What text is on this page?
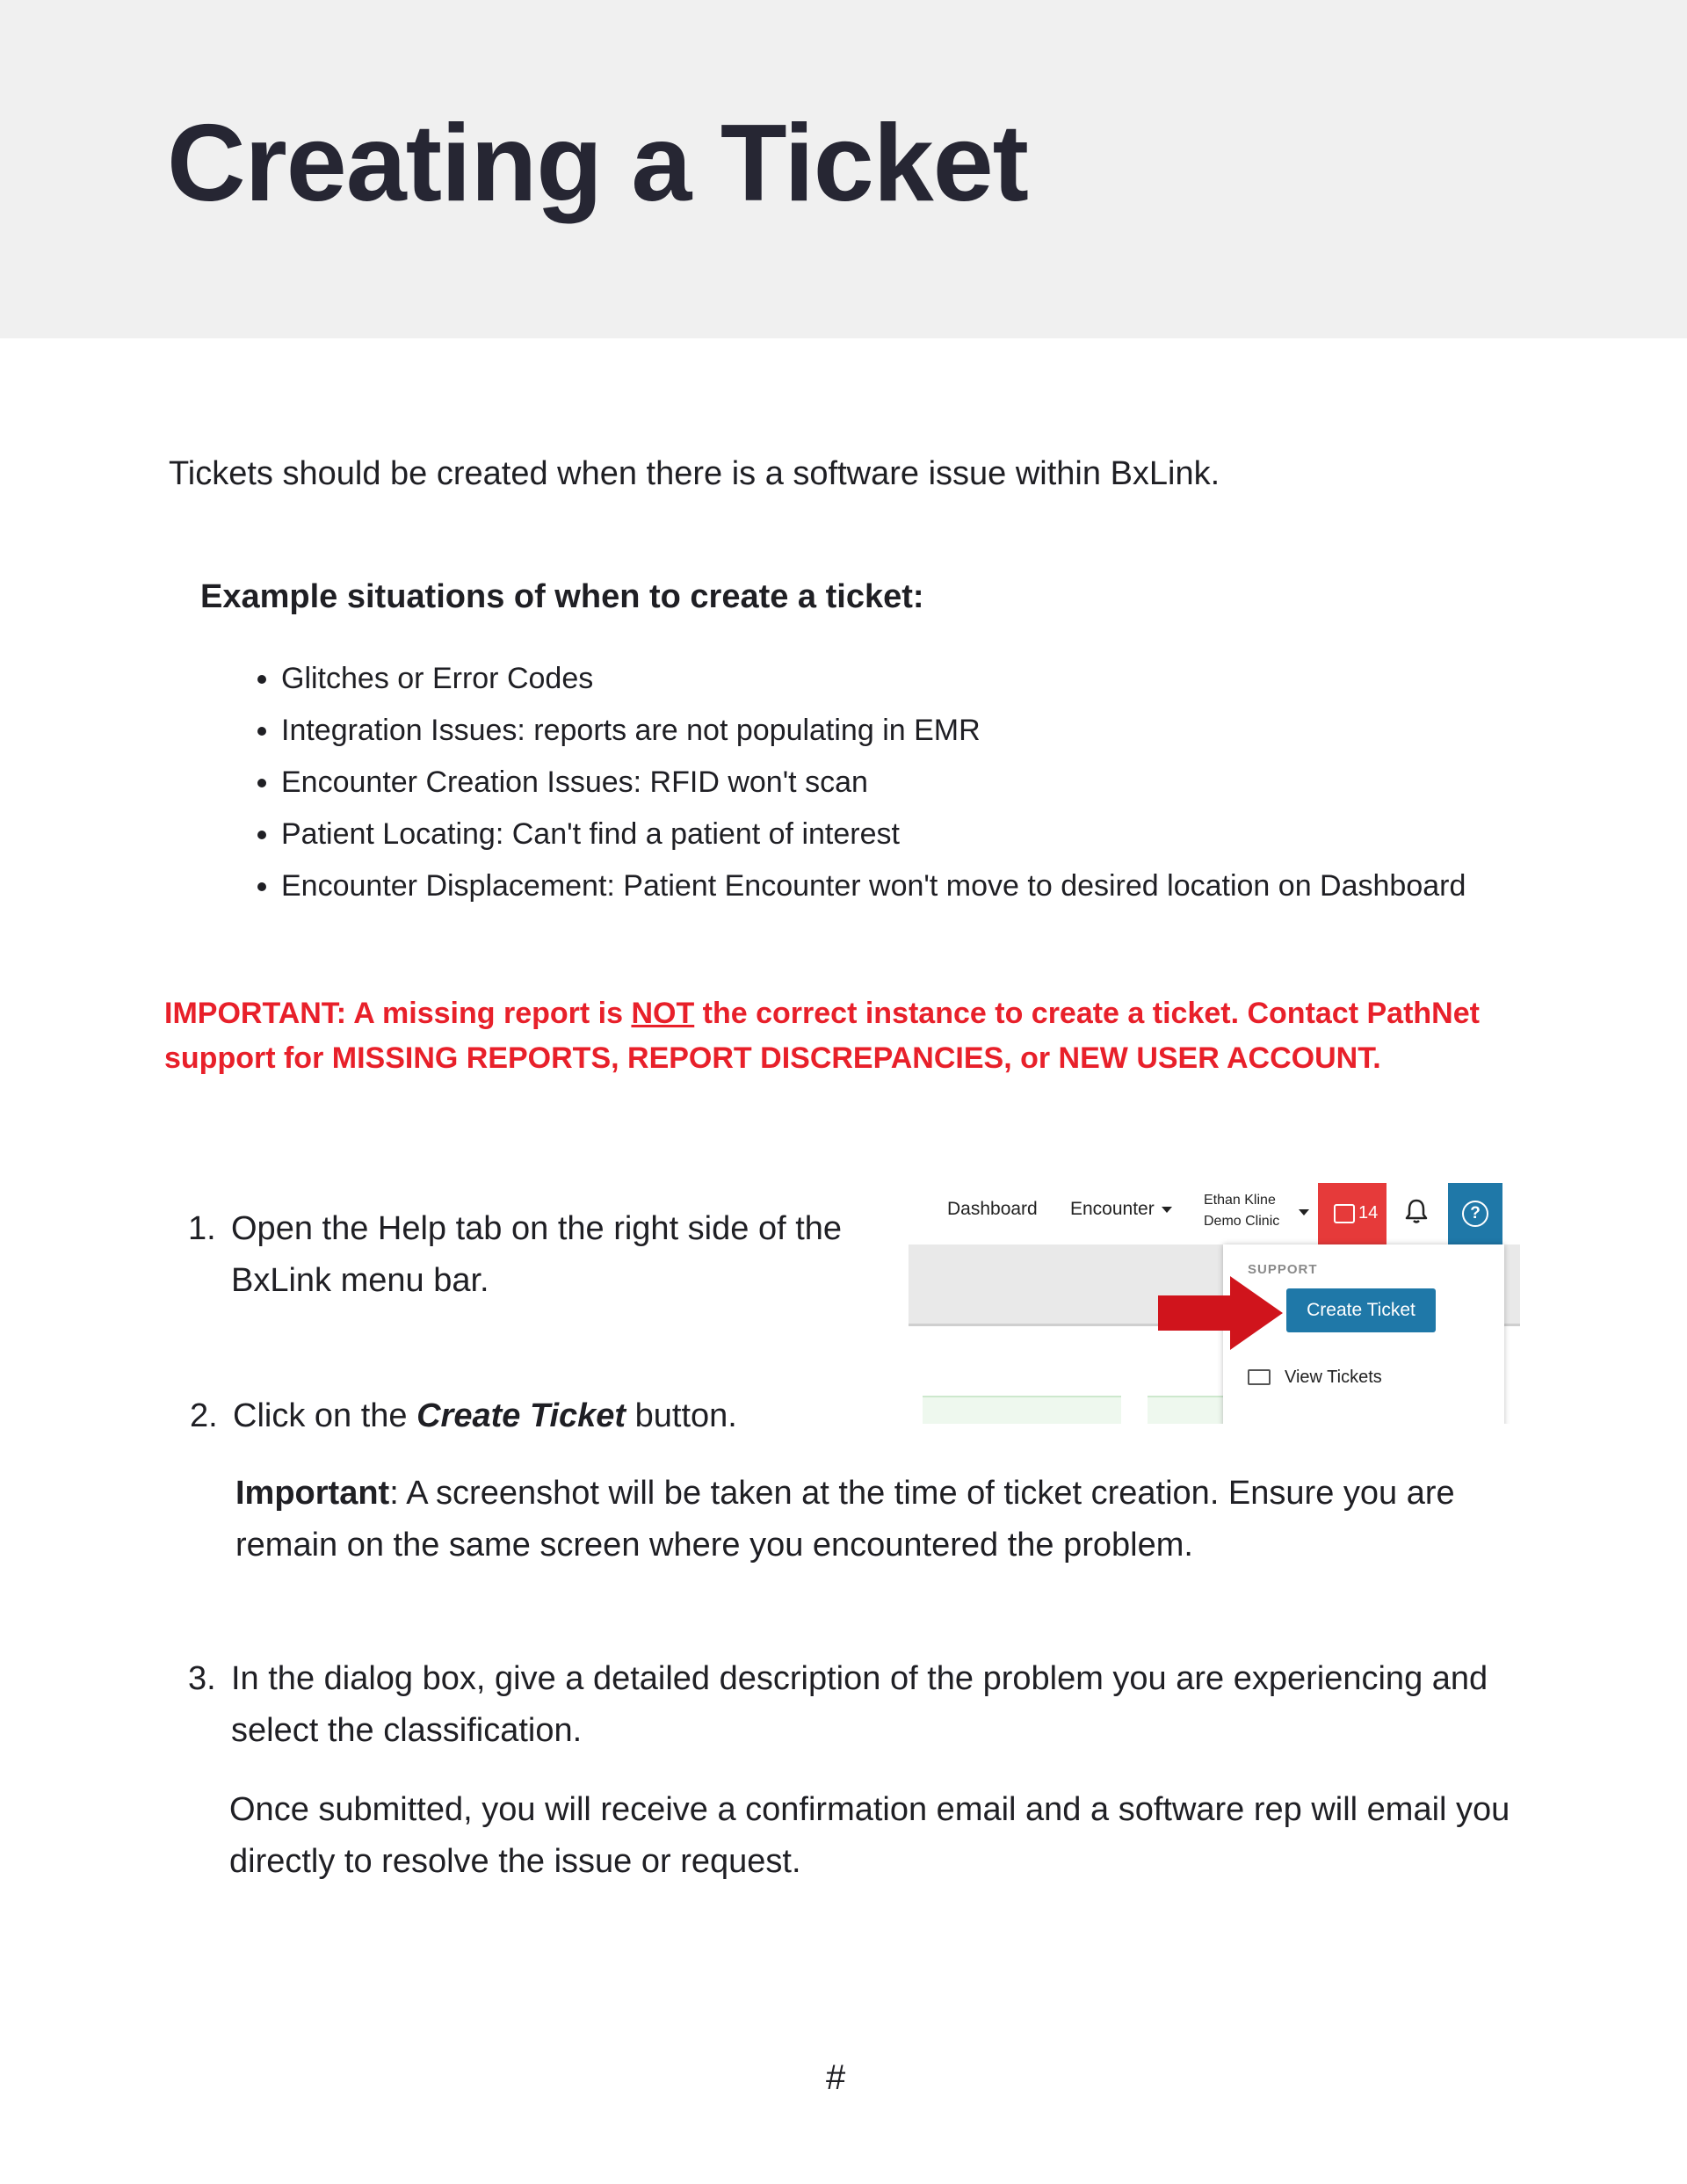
Creating a Ticket
Tickets should be created when there is a software issue within BxLink.
Example situations of when to create a ticket:
• Glitches or Error Codes
• Integration Issues: reports are not populating in EMR
• Encounter Creation Issues: RFID won't scan
• Patient Locating: Can't find a patient of interest
• Encounter Displacement: Patient Encounter won't move to desired location on Dashboard
IMPORTANT: A missing report is NOT the correct instance to create a ticket. Contact PathNet support for MISSING REPORTS, REPORT DISCREPANCIES, or NEW USER ACCOUNT.
1. Open the Help tab on the right side of the BxLink menu bar.
Dashboard Encounter	Ethan Kline
Demo Clinic	14	?
SUPPORT
Create Ticket
View Tickets
2. Click on the Create Ticket button.
Important: A screenshot will be taken at the time of ticket creation. Ensure you are remain on the same screen where you encountered the problem.
3. In the dialog box, give a detailed description of the problem you are experiencing and select the classification.
Once submitted, you will receive a confirmation email and a software rep will email you directly to resolve the issue or request.
#
